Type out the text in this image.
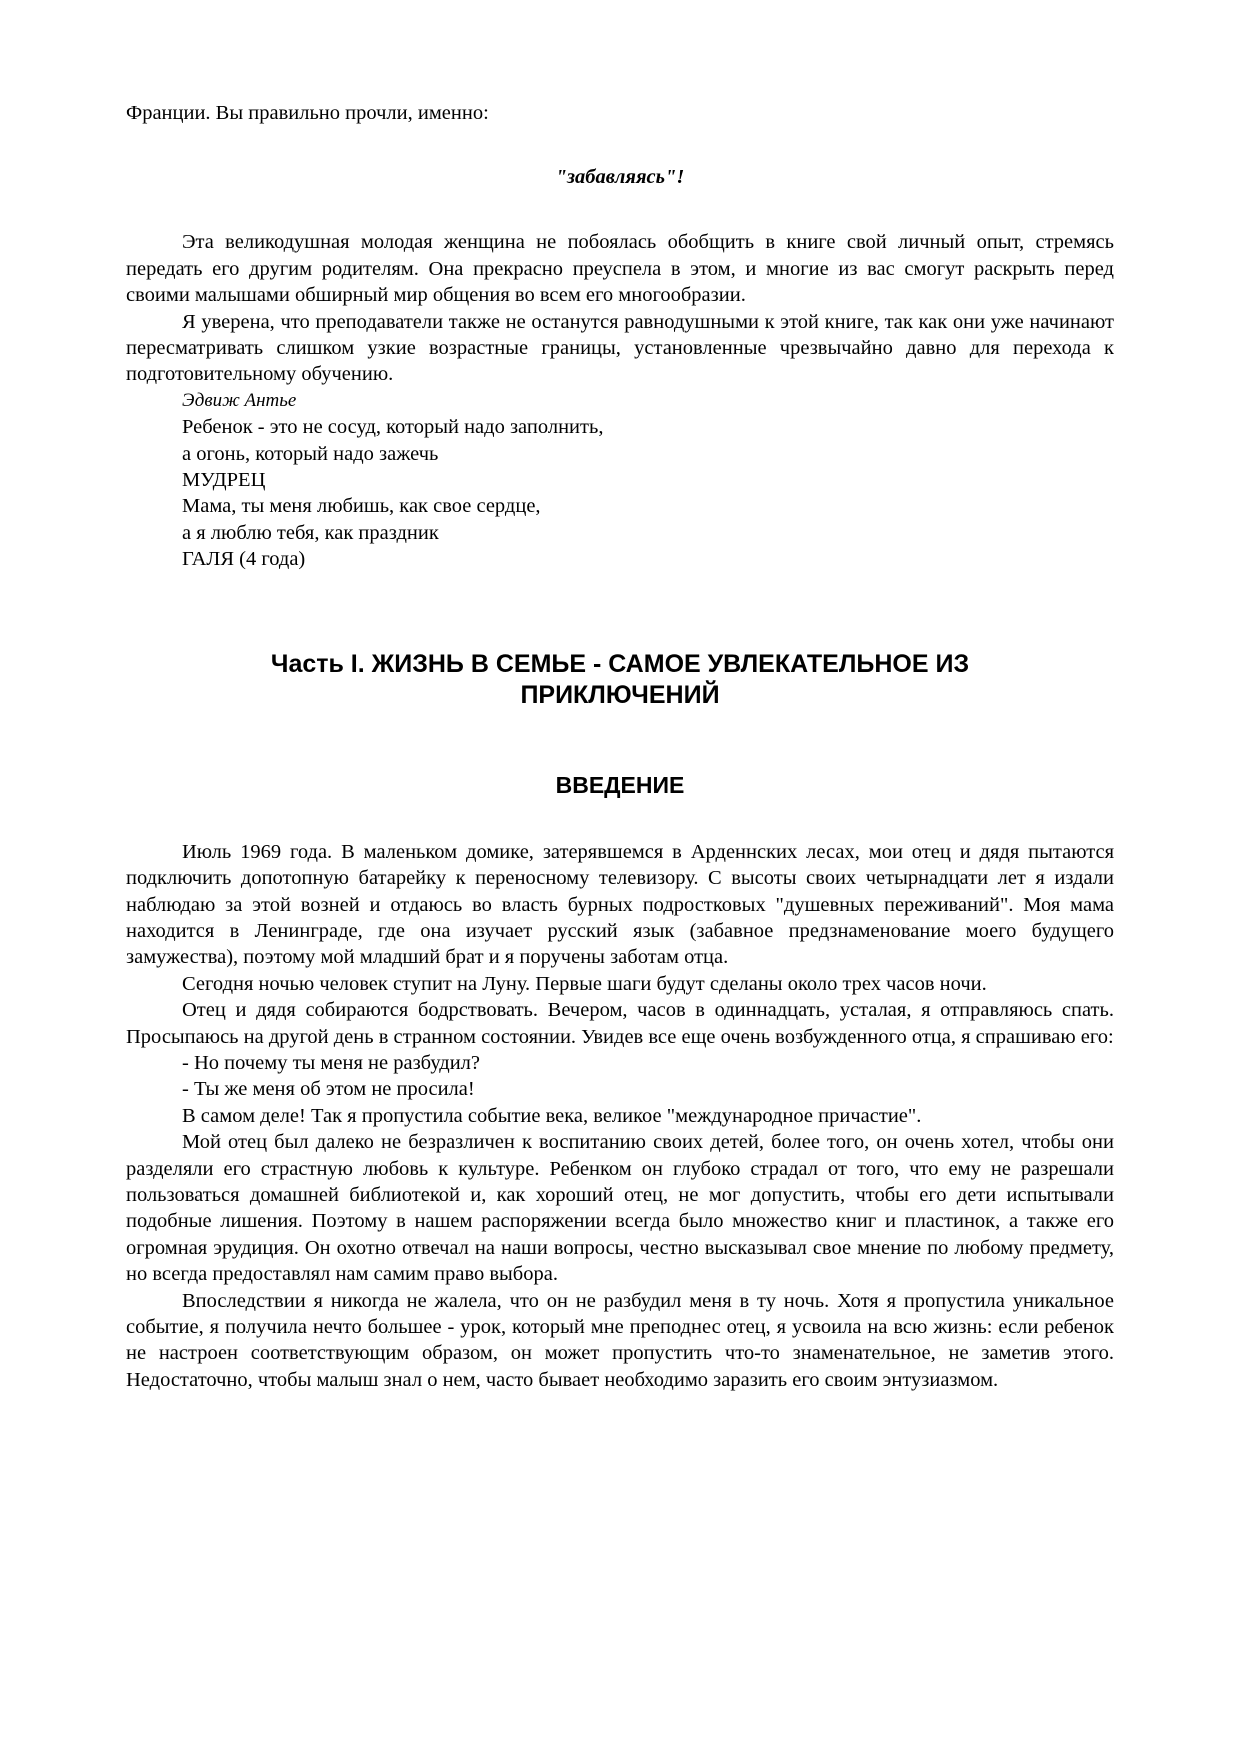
Франции. Вы правильно прочли, именно:

"забавляясь"!

Эта великодушная молодая женщина не побоялась обобщить в книге свой личный опыт, стремясь передать его другим родителям. Она прекрасно преуспела в этом, и многие из вас смогут раскрыть перед своими малышами обширный мир общения во всем его многообразии.

Я уверена, что преподаватели также не останутся равнодушными к этой книге, так как они уже начинают пересматривать слишком узкие возрастные границы, установленные чрезвычайно давно для перехода к подготовительному обучению.

Эдвиж Антье

Ребенок - это не сосуд, который надо заполнить,

а огонь, который надо зажечь

МУДРЕЦ

Мама, ты меня любишь, как свое сердце,

а я люблю тебя, как праздник

ГАЛЯ (4 года)

Часть I. ЖИЗНЬ В СЕМЬЕ - САМОЕ УВЛЕКАТЕЛЬНОЕ ИЗ ПРИКЛЮЧЕНИЙ
ВВЕДЕНИЕ

Июль 1969 года. В маленьком домике, затерявшемся в Арденнских лесах, мои отец и дядя пытаются подключить допотопную батарейку к переносному телевизору. С высоты своих четырнадцати лет я издали наблюдаю за этой возней и отдаюсь во власть бурных подростковых "душевных переживаний". Моя мама находится в Ленинграде, где она изучает русский язык (забавное предзнаменование моего будущего замужества), поэтому мой младший брат и я поручены заботам отца.

Сегодня ночью человек ступит на Луну. Первые шаги будут сделаны около трех часов ночи.

Отец и дядя собираются бодрствовать. Вечером, часов в одиннадцать, усталая, я отправляюсь спать. Просыпаюсь на другой день в странном состоянии. Увидев все еще очень возбужденного отца, я спрашиваю его:

- Но почему ты меня не разбудил?

- Ты же меня об этом не просила!

В самом деле! Так я пропустила событие века, великое "международное причастие".

Мой отец был далеко не безразличен к воспитанию своих детей, более того, он очень хотел, чтобы они разделяли его страстную любовь к культуре. Ребенком он глубоко страдал от того, что ему не разрешали пользоваться домашней библиотекой и, как хороший отец, не мог допустить, чтобы его дети испытывали подобные лишения. Поэтому в нашем распоряжении всегда было множество книг и пластинок, а также его огромная эрудиция. Он охотно отвечал на наши вопросы, честно высказывал свое мнение по любому предмету, но всегда предоставлял нам самим право выбора.

Впоследствии я никогда не жалела, что он не разбудил меня в ту ночь. Хотя я пропустила уникальное событие, я получила нечто большее - урок, который мне преподнес отец, я усвоила на всю жизнь: если ребенок не настроен соответствующим образом, он может пропустить что-то знаменательное, не заметив этого. Недостаточно, чтобы малыш знал о нем, часто бывает необходимо заразить его своим энтузиазмом.
